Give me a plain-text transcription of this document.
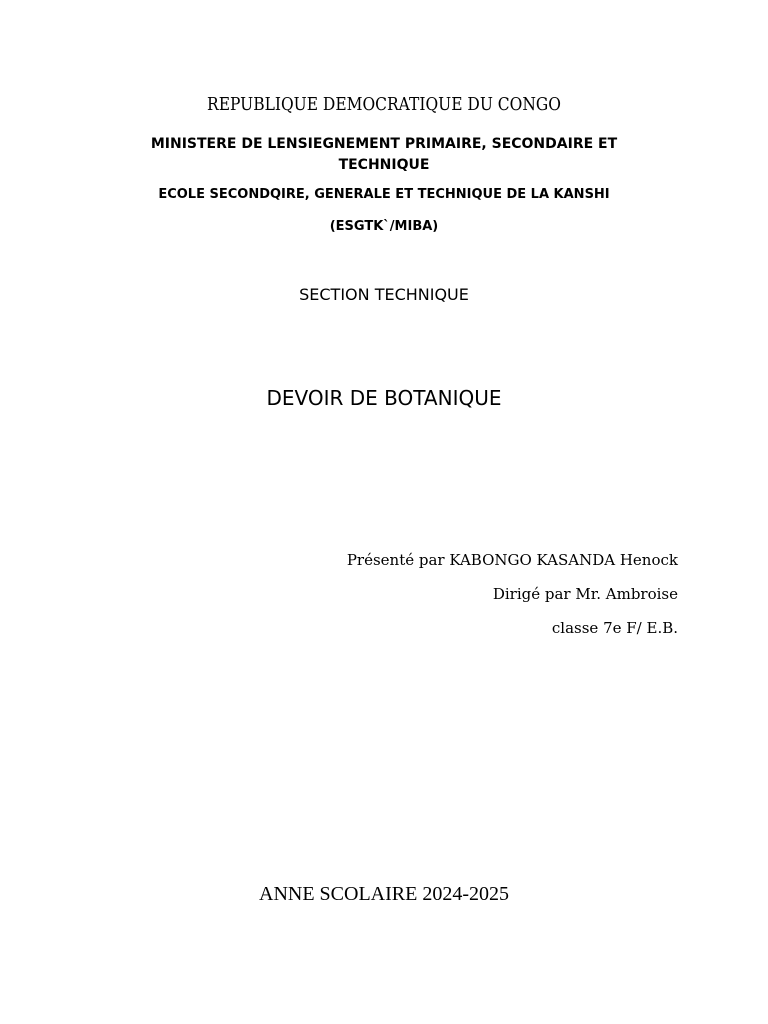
REPUBLIQUE DEMOCRATIQUE DU CONGO
MINISTERE DE LENSIEGNEMENT PRIMAIRE, SECONDAIRE ET TECHNIQUE
ECOLE SECONDQIRE, GENERALE ET TECHNIQUE DE LA KANSHI
(ESGTK`/MIBA)
SECTION TECHNIQUE
DEVOIR DE BOTANIQUE
Présenté par KABONGO KASANDA Henock
Dirigé par Mr. Ambroise
classe 7e F/ E.B.
ANNE SCOLAIRE 2024-2025
